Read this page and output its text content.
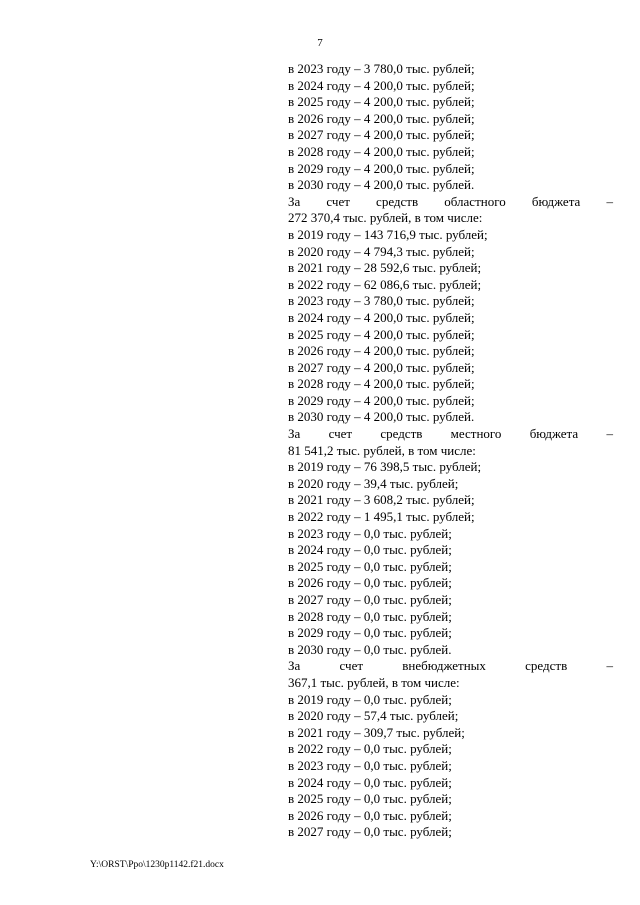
7
в 2023 году – 3 780,0 тыс. рублей;
в 2024 году – 4 200,0 тыс. рублей;
в 2025 году – 4 200,0 тыс. рублей;
в 2026 году – 4 200,0 тыс. рублей;
в 2027 году – 4 200,0 тыс. рублей;
в 2028 году – 4 200,0 тыс. рублей;
в 2029 году – 4 200,0 тыс. рублей;
в 2030 году – 4 200,0 тыс. рублей.
За счет средств областного бюджета –
272 370,4 тыс. рублей, в том числе:
в 2019 году – 143 716,9 тыс. рублей;
в 2020 году – 4 794,3 тыс. рублей;
в 2021 году – 28 592,6 тыс. рублей;
в 2022 году – 62 086,6 тыс. рублей;
в 2023 году – 3 780,0 тыс. рублей;
в 2024 году – 4 200,0 тыс. рублей;
в 2025 году – 4 200,0 тыс. рублей;
в 2026 году – 4 200,0 тыс. рублей;
в 2027 году – 4 200,0 тыс. рублей;
в 2028 году – 4 200,0 тыс. рублей;
в 2029 году – 4 200,0 тыс. рублей;
в 2030 году – 4 200,0 тыс. рублей.
За счет средств местного бюджета –
81 541,2 тыс. рублей, в том числе:
в 2019 году – 76 398,5 тыс. рублей;
в 2020 году – 39,4 тыс. рублей;
в 2021 году – 3 608,2 тыс. рублей;
в 2022 году – 1 495,1 тыс. рублей;
в 2023 году – 0,0 тыс. рублей;
в 2024 году – 0,0 тыс. рублей;
в 2025 году – 0,0 тыс. рублей;
в 2026 году – 0,0 тыс. рублей;
в 2027 году – 0,0 тыс. рублей;
в 2028 году – 0,0 тыс. рублей;
в 2029 году – 0,0 тыс. рублей;
в 2030 году – 0,0 тыс. рублей.
За	счет	внебюджетных	средств	–
367,1 тыс. рублей, в том числе:
в 2019 году – 0,0 тыс. рублей;
в 2020 году – 57,4 тыс. рублей;
в 2021 году – 309,7 тыс. рублей;
в 2022 году – 0,0 тыс. рублей;
в 2023 году – 0,0 тыс. рублей;
в 2024 году – 0,0 тыс. рублей;
в 2025 году – 0,0 тыс. рублей;
в 2026 году – 0,0 тыс. рублей;
в 2027 году – 0,0 тыс. рублей;
Y:\ORST\Ppo\1230p1142.f21.docx
